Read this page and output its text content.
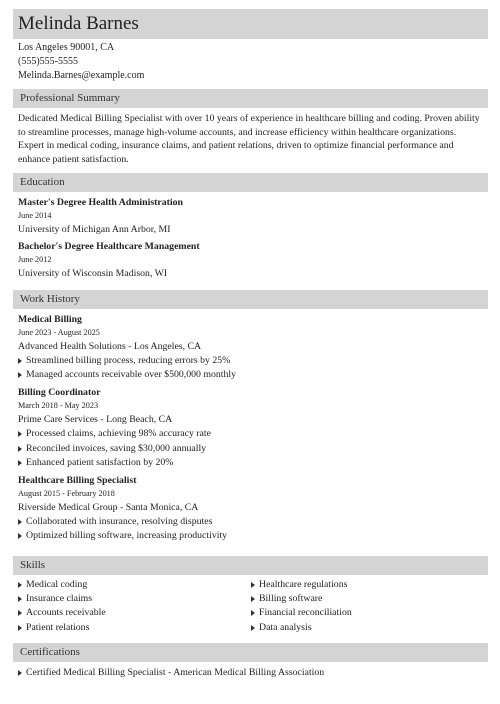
Melinda Barnes
Los Angeles 90001, CA
(555)555-5555
Melinda.Barnes@example.com
Professional Summary
Dedicated Medical Billing Specialist with over 10 years of experience in healthcare billing and coding. Proven ability to streamline processes, manage high-volume accounts, and increase efficiency within healthcare organizations. Expert in medical coding, insurance claims, and patient relations, driven to optimize financial performance and enhance patient satisfaction.
Education
Master's Degree Health Administration
June 2014
University of Michigan Ann Arbor, MI
Bachelor's Degree Healthcare Management
June 2012
University of Wisconsin Madison, WI
Work History
Medical Billing
June 2023 - August 2025
Advanced Health Solutions - Los Angeles, CA
Streamlined billing process, reducing errors by 25%
Managed accounts receivable over $500,000 monthly
Billing Coordinator
March 2018 - May 2023
Prime Care Services - Long Beach, CA
Processed claims, achieving 98% accuracy rate
Reconciled invoices, saving $30,000 annually
Enhanced patient satisfaction by 20%
Healthcare Billing Specialist
August 2015 - February 2018
Riverside Medical Group - Santa Monica, CA
Collaborated with insurance, resolving disputes
Optimized billing software, increasing productivity
Skills
Medical coding
Insurance claims
Accounts receivable
Patient relations
Healthcare regulations
Billing software
Financial reconciliation
Data analysis
Certifications
Certified Medical Billing Specialist - American Medical Billing Association
